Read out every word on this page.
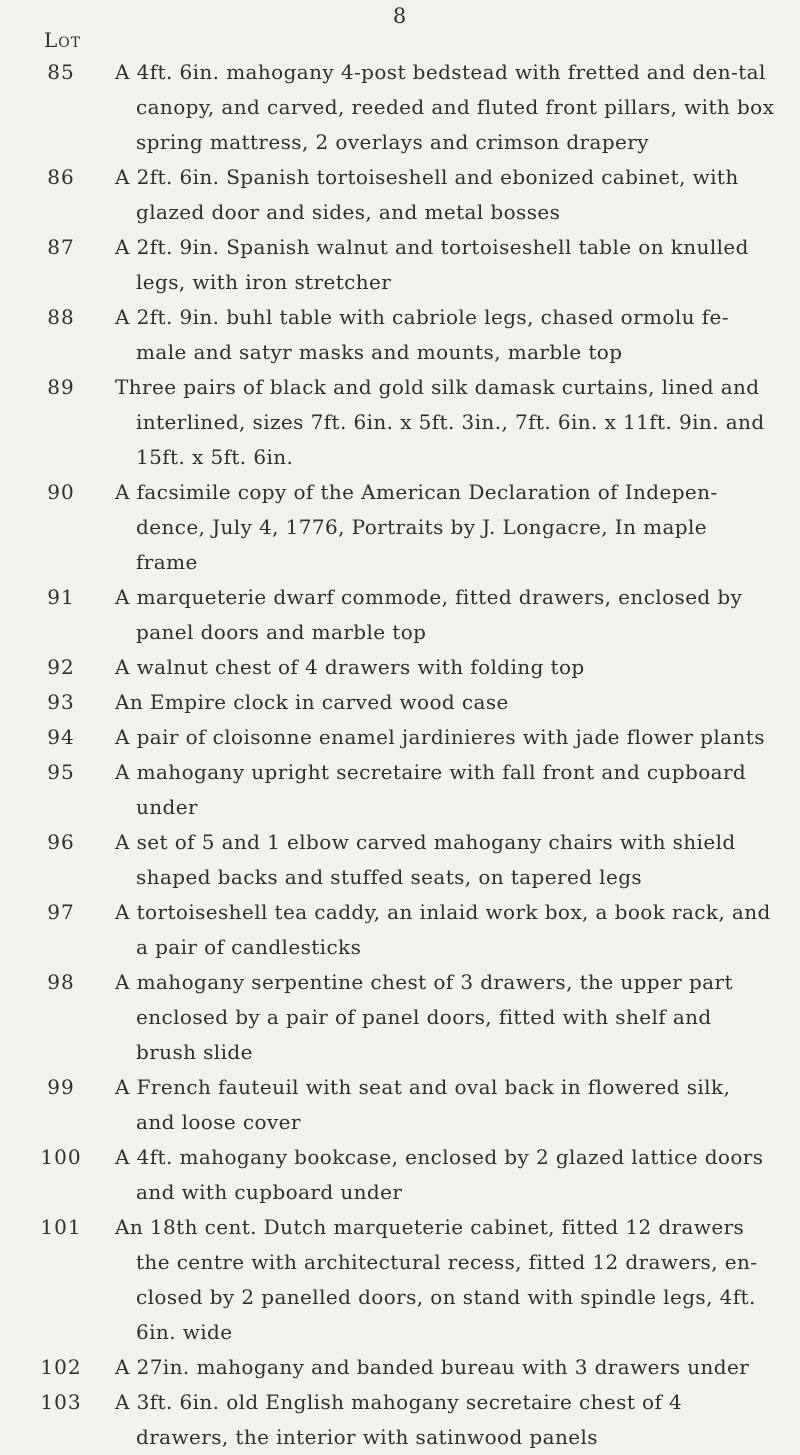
8
Lot
85	A 4ft. 6in. mahogany 4-post bedstead with fretted and den-tal canopy, and carved, reeded and fluted front pillars, with box spring mattress, 2 overlays and crimson drapery
86	A 2ft. 6in. Spanish tortoiseshell and ebonized cabinet, with glazed door and sides, and metal bosses
87	A 2ft. 9in. Spanish walnut and tortoiseshell table on knulled legs, with iron stretcher
88	A 2ft. 9in. buhl table with cabriole legs, chased ormolu fe-male and satyr masks and mounts, marble top
89	Three pairs of black and gold silk damask curtains, lined and interlined, sizes 7ft. 6in. x 5ft. 3in., 7ft. 6in. x 11ft. 9in. and 15ft. x 5ft. 6in.
90	A facsimile copy of the American Declaration of Indepen-dence, July 4, 1776, Portraits by J. Longacre, In maple frame
91	A marqueterie dwarf commode, fitted drawers, enclosed by panel doors and marble top
92	A walnut chest of 4 drawers with folding top
93	An Empire clock in carved wood case
94	A pair of cloisonne enamel jardinieres with jade flower plants
95	A mahogany upright secretaire with fall front and cupboard under
96	A set of 5 and 1 elbow carved mahogany chairs with shield shaped backs and stuffed seats, on tapered legs
97	A tortoiseshell tea caddy, an inlaid work box, a book rack, and a pair of candlesticks
98	A mahogany serpentine chest of 3 drawers, the upper part enclosed by a pair of panel doors, fitted with shelf and brush slide
99	A French fauteuil with seat and oval back in flowered silk, and loose cover
100	A 4ft. mahogany bookcase, enclosed by 2 glazed lattice doors and with cupboard under
101	An 18th cent. Dutch marqueterie cabinet, fitted 12 drawers the centre with architectural recess, fitted 12 drawers, en-closed by 2 panelled doors, on stand with spindle legs, 4ft. 6in. wide
102	A 27in. mahogany and banded bureau with 3 drawers under
103	A 3ft. 6in. old English mahogany secretaire chest of 4 drawers, the interior with satinwood panels
